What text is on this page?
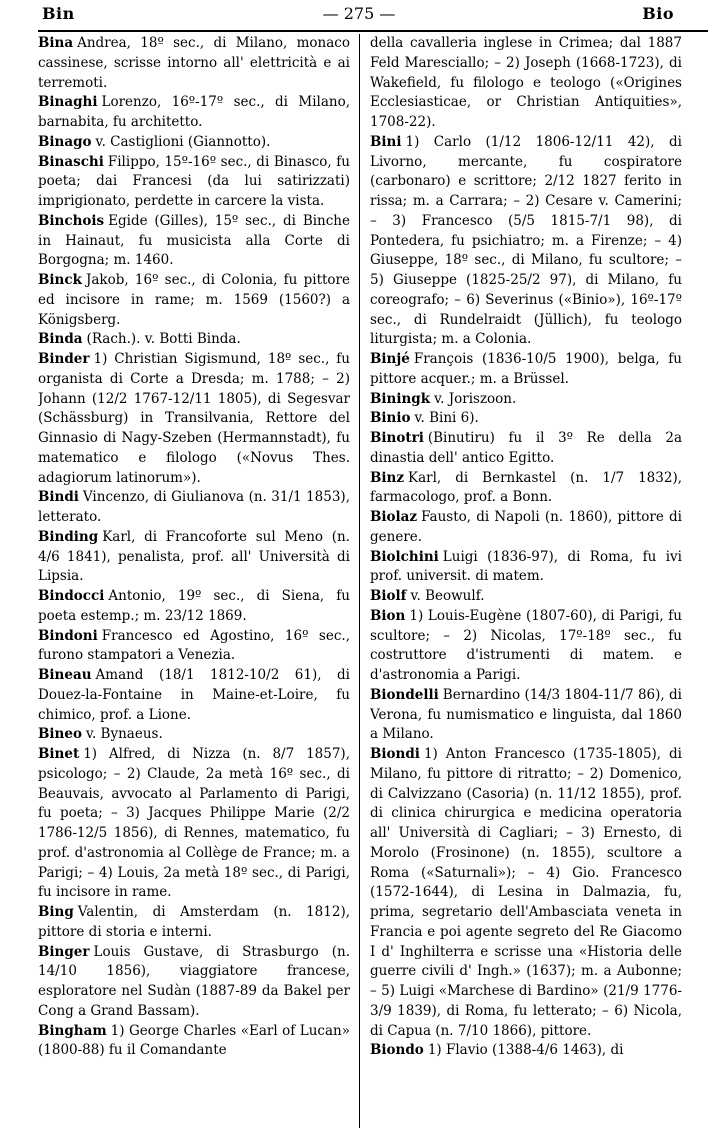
Bin	— 275 —	Bio

Bina Andrea, 18º sec., di Milano, monaco cassinese, scrisse intorno all' elettricità e ai terremoti.

Binaghi Lorenzo, 16º-17º sec., di Milano, barnabita, fu architetto.

Binago v. Castiglioni (Giannotto).

Binaschi Filippo, 15º-16º sec., di Binasco, fu poeta; dai Francesi (da lui satirizzati) imprigionato, perdette in carcere la vista.

Binchois Egide (Gilles), 15º sec., di Binche in Hainaut, fu musicista alla Corte di Borgogna; m. 1460.

Binck Jakob, 16º sec., di Colonia, fu pittore ed incisore in rame; m. 1569 (1560?) a Königsberg.

Binda (Rach.). v. Botti Binda.

Binder 1) Christian Sigismund, 18º sec., fu organista di Corte a Dresda; m. 1788; – 2) Johann (12/2 1767-12/11 1805), di Segesvar (Schässburg) in Transilvania, Rettore del Ginnasio di Nagy-Szeben (Hermannstadt), fu matematico e filologo («Novus Thes. adagiorum latinorum»).

Bindi Vincenzo, di Giulianova (n. 31/1 1853), letterato.

Binding Karl, di Francoforte sul Meno (n. 4/6 1841), penalista, prof. all' Università di Lipsia.

Bindocci Antonio, 19º sec., di Siena, fu poeta estemp.; m. 23/12 1869.

Bindoni Francesco ed Agostino, 16º sec., furono stampatori a Venezia.

Bineau Amand (18/1 1812-10/2 61), di Douez-la-Fontaine in Maine-et-Loire, fu chimico, prof. a Lione.

Bineo v. Bynaeus.

Binet 1) Alfred, di Nizza (n. 8/7 1857), psicologo; – 2) Claude, 2a metà 16º sec., di Beauvais, avvocato al Parlamento di Parigi, fu poeta; – 3) Jacques Philippe Marie (2/2 1786-12/5 1856), di Rennes, matematico, fu prof. d'astronomia al Collège de France; m. a Parigi; – 4) Louis, 2a metà 18º sec., di Parigi, fu incisore in rame.

Bing Valentin, di Amsterdam (n. 1812), pittore di storia e interni.

Binger Louis Gustave, di Strasburgo (n. 14/10 1856), viaggiatore francese, esploratore nel Sudàn (1887-89 da Bakel per Cong a Grand Bassam).

Bingham 1) George Charles «Earl of Lucan» (1800-88) fu il Comandante

della cavalleria inglese in Crimea; dal 1887 Feld Maresciallo; – 2) Joseph (1668-1723), di Wakefield, fu filologo e teologo («Origines Ecclesiasticae, or Christian Antiquities», 1708-22).

Bini 1) Carlo (1/12 1806-12/11 42), di Livorno, mercante, fu cospiratore (carbonaro) e scrittore; 2/12 1827 ferito in rissa; m. a Carrara; – 2) Cesare v. Camerini; – 3) Francesco (5/5 1815-7/1 98), di Pontedera, fu psichiatro; m. a Firenze; – 4) Giuseppe, 18º sec., di Milano, fu scultore; – 5) Giuseppe (1825-25/2 97), di Milano, fu coreografo; – 6) Severinus («Binio»), 16º-17º sec., di Rundelraidt (Jüllich), fu teologo liturgista; m. a Colonia.

Binjé François (1836-10/5 1900), belga, fu pittore acquer.; m. a Brüssel.

Biningk v. Joriszoon.

Binio v. Bini 6).

Binotri (Binutiru) fu il 3º Re della 2a dinastia dell' antico Egitto.

Binz Karl, di Bernkastel (n. 1/7 1832), farmacologo, prof. a Bonn.

Biolaz Fausto, di Napoli (n. 1860), pittore di genere.

Biolchini Luigi (1836-97), di Roma, fu ivi prof. universit. di matem.

Biolf v. Beowulf.

Bion 1) Louis-Eugène (1807-60), di Parigi, fu scultore; – 2) Nicolas, 17º-18º sec., fu costruttore d'istrumenti di matem. e d'astronomia a Parigi.

Biondelli Bernardino (14/3 1804-11/7 86), di Verona, fu numismatico e linguista, dal 1860 a Milano.

Biondi 1) Anton Francesco (1735-1805), di Milano, fu pittore di ritratto; – 2) Domenico, di Calvizzano (Casoria) (n. 11/12 1855), prof. di clinica chirurgica e medicina operatoria all' Università di Cagliari; – 3) Ernesto, di Morolo (Frosinone) (n. 1855), scultore a Roma («Saturnali»); – 4) Gio. Francesco (1572-1644), di Lesina in Dalmazia, fu, prima, segretario dell'Ambasciata veneta in Francia e poi agente segreto del Re Giacomo I d' Inghilterra e scrisse una «Historia delle guerre civili d' Ingh.» (1637); m. a Aubonne; – 5) Luigi «Marchese di Bardino» (21/9 1776-3/9 1839), di Roma, fu letterato; – 6) Nicola, di Capua (n. 7/10 1866), pittore.

Biondo 1) Flavio (1388-4/6 1463), di
